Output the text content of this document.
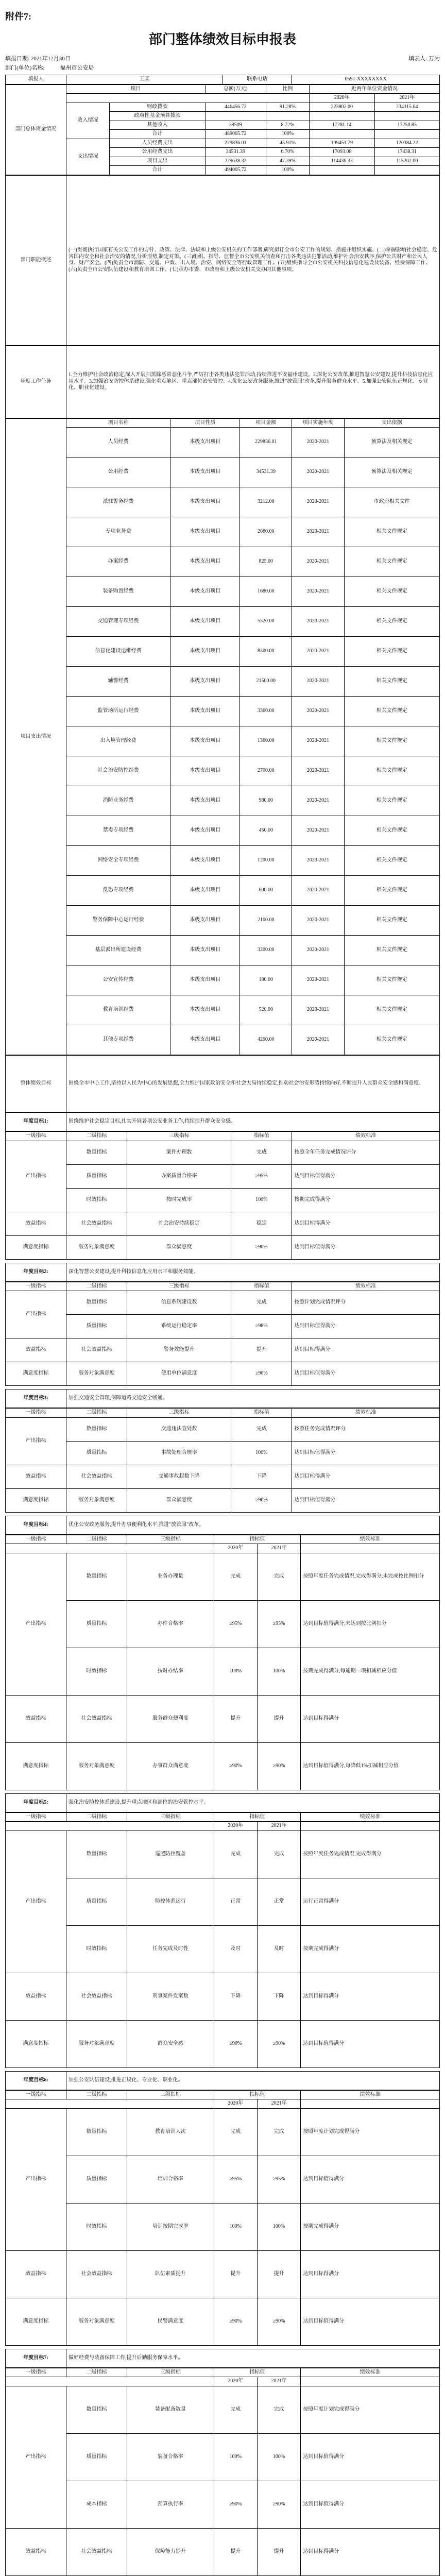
附件7:
部门整体绩效目标申报表
填报日期: 2021年12月30日	填表人: 万为
部门(单位)名称:	福州市公安局
填报人	王某	联系电话	0591-XXXXXXXX
部门总体资金情况	项目		总额(万元)	比例	近两年单位资金情况	
					2020年	2021年
	收入情况	财政拨款	446456.72	91.28%	223802.00	234315.64
		政府性基金预算拨款				
		其他收入	39509	8.72%	17281.14	17250.85
		合计	489005.72	100%		
	支出情况	人员经费支出	229836.01	45.91%	109451.79	120384.22
		公用经费支出	34531.39	6.70%	17093.08	17438.31
		项目支出	229638.32	47.39%	114436.33	115202.00
		合计	494005.72	100%		
部门职能概述	(一)贯彻执行国家有关公安工作的方针、政策、法律、法规和上级公安机关的工作部署,研究拟订全市公安工作的规划、措施并组织实施。(二)掌握影响社会稳定、危害国内安全和社会治安的情况,分析形势,制定对策。(三)组织、指导、监督全市公安机关侦查和打击各类违法犯罪活动,维护社会治安秩序,保护公共财产和公民人身、财产安全。(四)负责全市消防、交通、户政、出入境、治安、网络安全等行政管理工作。(五)组织指导全市公安机关科技信息化建设及装备、经费保障工作。(六)负责全市公安队伍建设和教育培训工作。(七)承办市委、市政府和上级公安机关交办的其他事项。
年度工作任务	1.全力维护社会政治稳定,深入开展扫黑除恶常态化斗争,严厉打击各类违法犯罪活动,持续推进平安福州建设。2.深化公安改革,推进智慧公安建设,提升科技信息化应用水平。3.加强治安防控体系建设,强化重点地区、重点部位治安管控。4.优化公安政务服务,推进"放管服"改革,提升服务群众水平。5.加强公安队伍正规化、专业化、职业化建设。
项目支出情况	项目名称	项目性质	项目金额	项目实施年度	支出依据
	人员经费	本级支出项目	229836.01	2020-2021	预算法及相关规定
	公用经费	本级支出项目	34531.39	2020-2021	预算法及相关规定
	派驻警务经费	本级支出项目	3212.00	2020-2021	市政府相关文件
	专项业务费	本级支出项目	2080.00	2020-2021	相关文件规定
	办案经费	本级支出项目	825.00	2020-2021	相关文件规定
	装备购置经费	本级支出项目	1680.00	2020-2021	相关文件规定
	交通管理专项经费	本级支出项目	5520.00	2020-2021	相关文件规定
	信息化建设运维经费	本级支出项目	8300.00	2020-2021	相关文件规定
	辅警经费	本级支出项目	21500.00	2020-2021	相关文件规定
	监管场所运行经费	本级支出项目	3360.00	2020-2021	相关文件规定
	出入境管理经费	本级支出项目	1360.00	2020-2021	相关文件规定
	社会治安防控经费	本级支出项目	2700.00	2020-2021	相关文件规定
	消防业务经费	本级支出项目	980.00	2020-2021	相关文件规定
	禁毒专项经费	本级支出项目	450.00	2020-2021	相关文件规定
	网络安全专项经费	本级支出项目	1200.00	2020-2021	相关文件规定
	反恐专项经费	本级支出项目	600.00	2020-2021	相关文件规定
	警务保障中心运行经费	本级支出项目	2100.00	2020-2021	相关文件规定
	基层派出所建设经费	本级支出项目	3200.00	2020-2021	相关文件规定
	公安宣传经费	本级支出项目	180.00	2020-2021	相关文件规定
	教育培训经费	本级支出项目	520.00	2020-2021	相关文件规定
	其他专项经费	本级支出项目	4200.00	2020-2021	相关文件规定
整体绩效目标	围绕全市中心工作,坚持以人民为中心的发展思想,全力维护国家政治安全和社会大局持续稳定,推动社会治安形势持续向好,不断提升人民群众安全感和满意度。
年度目标1:	围绕维护社会稳定目标,扎实开展各项公安业务工作,持续提升群众安全感。
一级指标	二级指标	三级指标	指标值	绩效标准
产出指标	数量指标	案件办理数	完成	按照全年任务完成情况评分
	质量指标	办案质量合格率	≥95%	达到目标值得满分
	时效指标	按时完成率	100%	按期完成得满分
效益指标	社会效益指标	社会治安持续稳定	稳定	达到目标得满分
满意度指标	服务对象满意度	群众满意度	≥90%	达到目标值得满分
年度目标2:	深化智慧公安建设,提升科技信息化应用水平和服务效能。
一级指标	二级指标	三级指标	指标值	绩效标准
产出指标	数量指标	信息系统建设数	完成	按照计划完成情况评分
	质量指标	系统运行稳定率	≥98%	达到目标值得满分
效益指标	社会效益指标	警务效能提升	提升	达到目标得满分
满意度指标	服务对象满意度	使用单位满意度	≥90%	达到目标值得满分
年度目标3:	加强交通安全管理,保障道路交通安全畅通。
一级指标	二级指标	三级指标	指标值	绩效标准
产出指标	数量指标	交通违法查处数	完成	按照任务完成情况评分
	质量指标	事故处理合规率	100%	达到目标值得满分
效益指标	社会效益指标	交通事故起数下降	下降	达到目标得满分
满意度指标	服务对象满意度	群众满意度	≥90%	达到目标值得满分
年度目标4:	优化公安政务服务,提升办事便利化水平,推进"放管服"改革。
一级指标	二级指标	三级指标	指标值		绩效标准
			2020年	2021年	
产出指标	数量指标	业务办理量	完成	完成	按照年度任务完成情况,完成得满分,未完成按比例扣分
	质量指标	办件合格率	≥95%	≥95%	达到目标值得满分,未达到按比例扣分
	时效指标	按时办结率	100%	100%	按期完成得满分,每逾期一项扣减相应分值
效益指标	社会效益指标	服务群众便利度	提升	提升	达到目标得满分
满意度指标	服务对象满意度	办事群众满意度	≥90%	≥90%	达到目标值得满分,每降低1%扣减相应分值
年度目标5:	强化治安防控体系建设,提升重点地区和部位的治安管控水平。
一级指标	二级指标	三级指标	指标值		绩效标准
			2020年	2021年	
产出指标	数量指标	巡逻防控覆盖	完成	完成	按照年度任务完成情况,完成得满分
	质量指标	防控体系运行	正常	正常	运行正常得满分
	时效指标	任务完成及时性	及时	及时	按期完成得满分
效益指标	社会效益指标	刑事案件发案数	下降	下降	达到目标得满分
满意度指标	服务对象满意度	群众安全感	≥90%	≥90%	达到目标值得满分
年度目标6:	加强公安队伍建设,推进正规化、专业化、职业化。
一级指标	二级指标	三级指标	指标值		绩效标准
			2020年	2021年	
产出指标	数量指标	教育培训人次	完成	完成	按照年度计划完成得满分
	质量指标	培训合格率	≥95%	≥95%	达到目标值得满分
	时效指标	培训按期完成率	100%	100%	按期完成得满分
效益指标	社会效益指标	队伍素质提升	提升	提升	达到目标得满分
满意度指标	服务对象满意度	民警满意度	≥90%	≥90%	达到目标值得满分
年度目标7:	做好经费与装备保障工作,提升后勤服务保障水平。
一级指标	二级指标	三级指标	指标值		绩效标准
			2020年	2021年	
产出指标	数量指标	装备配备数量	完成	完成	按照年度计划完成得满分
	质量指标	装备合格率	100%	100%	达到目标值得满分
	成本指标	预算执行率	≥90%	≥90%	达到目标值得满分
效益指标	社会效益指标	保障能力提升	提升	提升	达到目标得满分
